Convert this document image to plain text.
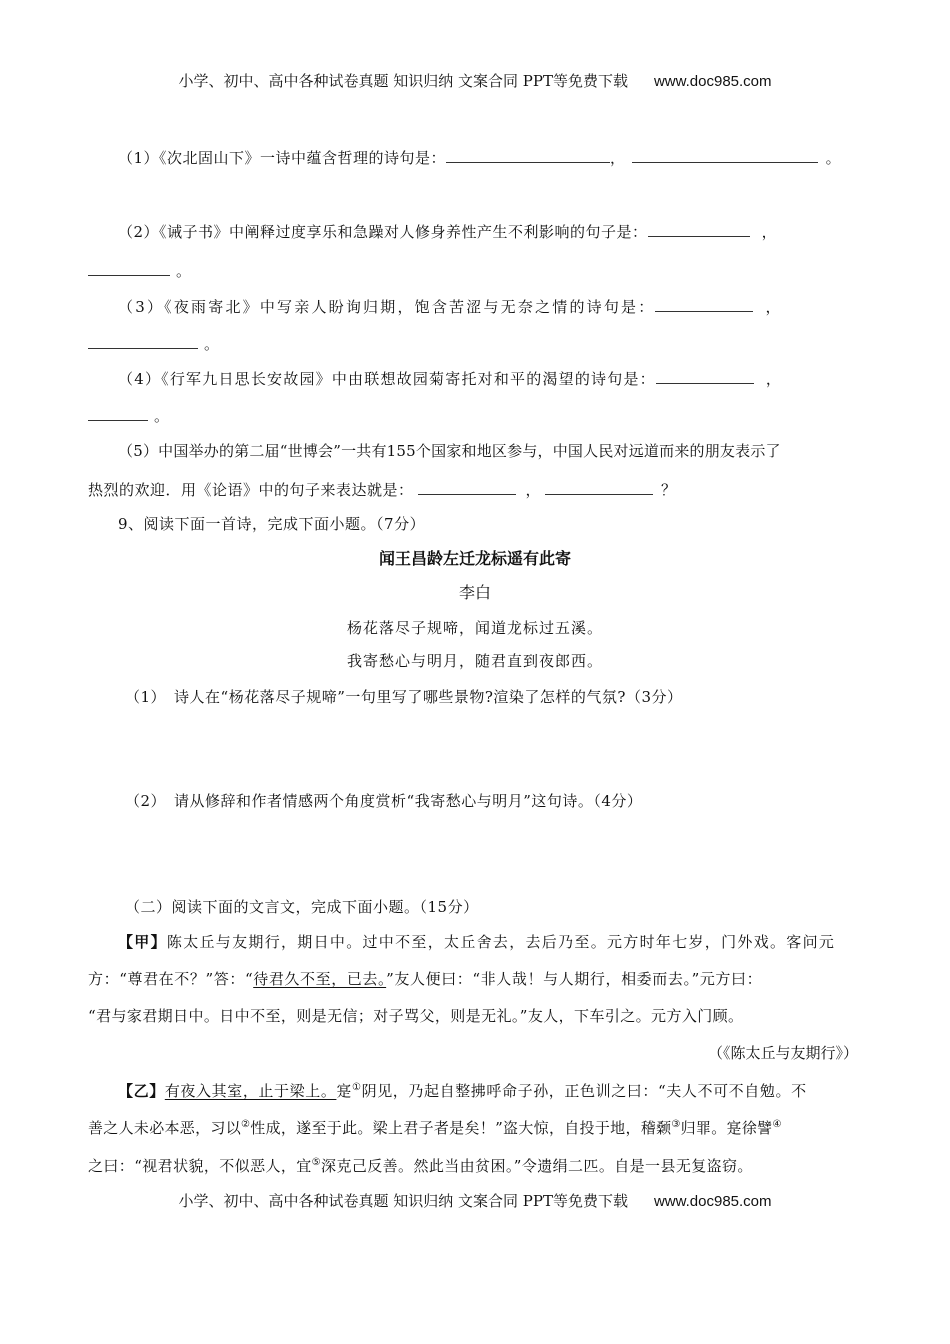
小学、初中、高中各种试卷真题 知识归纳 文案合同 PPT等免费下载 www.doc985.com
（1）《次北固山下》一诗中蕴含哲理的诗句是：	，	。
（2）《诫子书》中阐释过度享乐和急躁对人修身养性产生不利影响的句子是：	，
。
（3）《夜雨寄北》中写亲人盼询归期，饱含苦涩与无奈之情的诗句是：	，
。
（4）《行军九日思长安故园》中由联想故园菊寄托对和平的渴望的诗句是：	，
。
（5）中国举办的第二届“世博会”一共有155个国家和地区参与，中国人民对远道而来的朋友表示了
热烈的欢迎．用《论语》中的句子来表达就是：	，	？
9、阅读下面一首诗，完成下面小题。（7分）
闻王昌龄左迁龙标遥有此寄
李白
杨花落尽子规啼，闻道龙标过五溪。
我寄愁心与明月，随君直到夜郎西。
（1）　诗人在“杨花落尽子规啼”一句里写了哪些景物?渲染了怎样的气氛?（3分）
（2）　请从修辞和作者情感两个角度赏析“我寄愁心与明月”这句诗。（4分）
（二）阅读下面的文言文，完成下面小题。（15分）
【甲】陈太丘与友期行，期日中。过中不至，太丘舍去，去后乃至。元方时年七岁，门外戏。客问元
方：“尊君在不？”答：“待君久不至，已去。”友人便曰：“非人哉！与人期行，相委而去。”元方曰：
“君与家君期日中。日中不至，则是无信；对子骂父，则是无礼。”友人，下车引之。元方入门顾。
（《陈太丘与友期行》）
【乙】有夜入其室，止于梁上。寔①阴见，乃起自整拂呼命子孙，正色训之曰：“夫人不可不自勉。不
善之人未必本恶，习以②性成，遂至于此。梁上君子者是矣！”盗大惊，自投于地，稽颡③归罪。寔徐譬④
之曰：“视君状貌，不似恶人，宜⑤深克己反善。然此当由贫困。”令遗绢二匹。自是一县无复盗窃。
小学、初中、高中各种试卷真题 知识归纳 文案合同 PPT等免费下载 www.doc985.com
